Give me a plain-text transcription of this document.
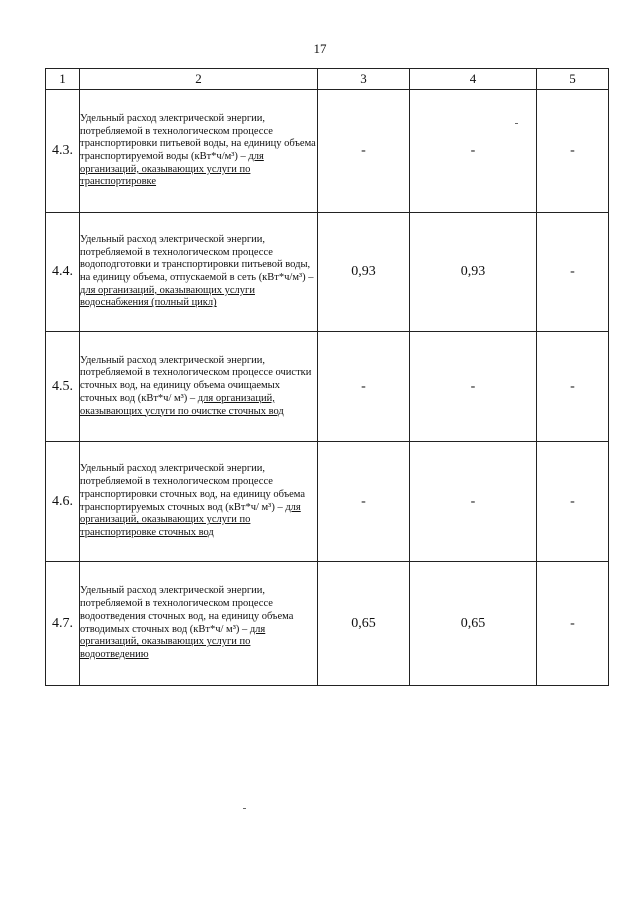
17
1	2	3	4	5
4.3.	Удельный расход электрической энергии, потребляемой в технологическом процессе транспортировки питьевой воды, на единицу объема транспортируемой воды (кВт*ч/м³) – для организаций, оказывающих услуги по транспортировке	-	-	-
4.4.	Удельный расход электрической энергии, потребляемой в технологическом процессе водоподготовки и транспортировки питьевой воды, на единицу объема, отпускаемой в сеть (кВт*ч/м³) – для организаций, оказывающих услуги водоснабжения (полный цикл)	0,93	0,93	-
4.5.	Удельный расход электрической энергии, потребляемой в технологическом процессе очистки сточных вод, на единицу объема очищаемых сточных вод (кВт*ч/ м³) – для организаций, оказывающих услуги по очистке сточных вод	-	-	-
4.6.	Удельный расход электрической энергии, потребляемой в технологическом процессе транспортировки сточных вод, на единицу объема транспортируемых сточных вод (кВт*ч/ м³) – для организаций, оказывающих услуги по транспортировке сточных вод	-	-	-
4.7.	Удельный расход электрической энергии, потребляемой в технологическом процессе водоотведения сточных вод, на единицу объема отводимых сточных вод (кВт*ч/ м³) – для организаций, оказывающих услуги по водоотведению	0,65	0,65	-
